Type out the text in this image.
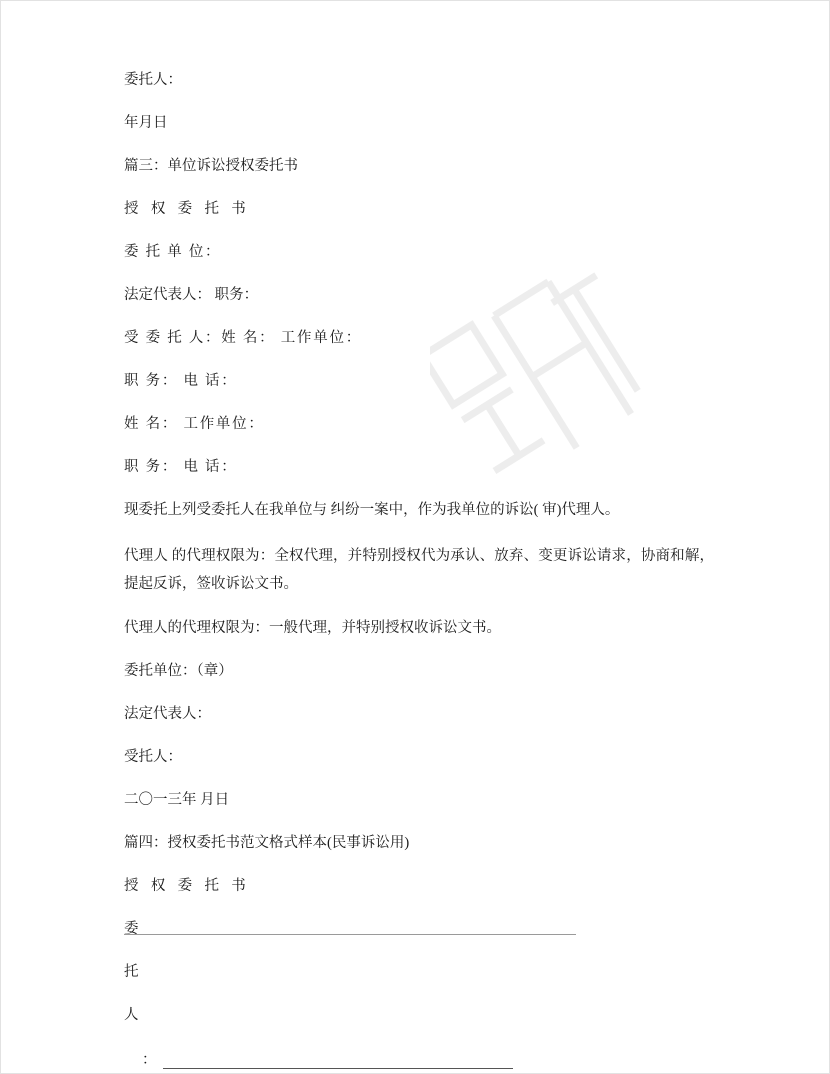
委托人：

年月日

篇三：单位诉讼授权委托书

授 权 委 托 书

委 托 单 位：

法定代表人： 职务：

受 委 托 人：姓 名： 工作单位：

职 务： 电 话：

姓 名： 工作单位：

职 务： 电 话：

现委托上列受委托人在我单位与 纠纷一案中，作为我单位的诉讼( 审)代理人。

代理人 的代理权限为：全权代理，并特别授权代为承认、放弃、变更诉讼请求，协商和解，提起反诉，签收诉讼文书。

代理人的代理权限为：一般代理，并特别授权收诉讼文书。

委托单位：（章）

法定代表人：

受托人：

二〇一三年 月日

篇四：授权委托书范文格式样本(民事诉讼用)

授 权 委 托 书

委

托

人

：
